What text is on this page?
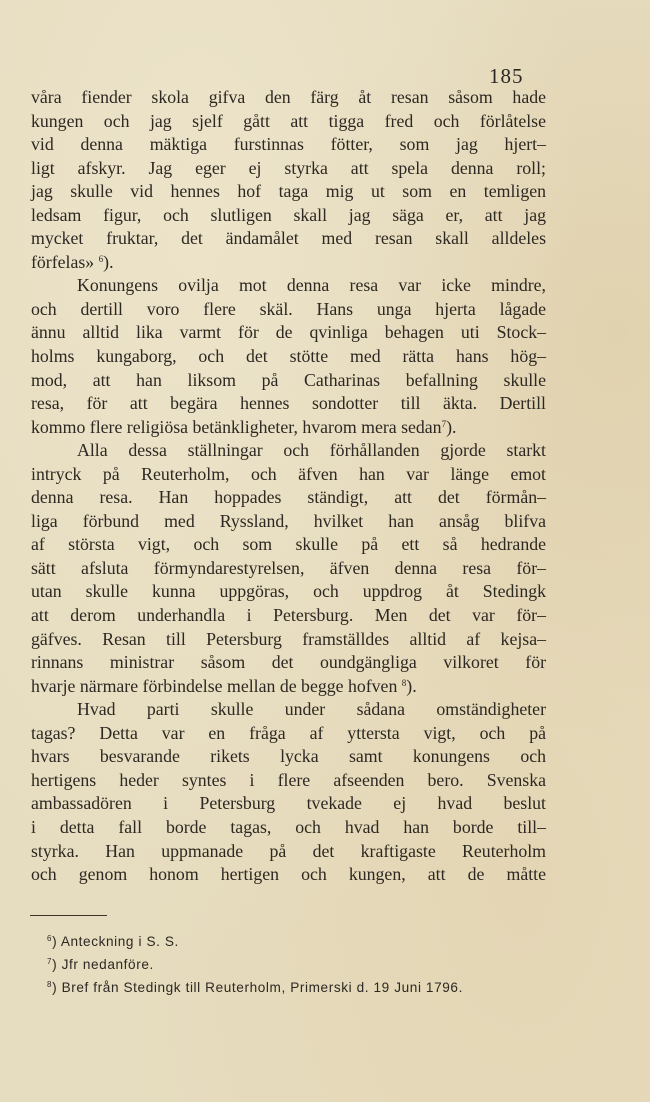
185
våra fiender skola gifva den färg åt resan såsom hade
kungen och jag sjelf gått att tigga fred och förlåtelse
vid denna mäktiga furstinnas fötter, som jag hjert–
ligt afskyr. Jag eger ej styrka att spela denna roll;
jag skulle vid hennes hof taga mig ut som en temligen
ledsam figur, och slutligen skall jag säga er, att jag
mycket fruktar, det ändamålet med resan skall alldeles
förfelas» $^6$).
Konungens ovilja mot denna resa var icke mindre,
och dertill voro flere skäl. Hans unga hjerta lågade
ännu alltid lika varmt för de qvinliga behagen uti Stock–
holms kungaborg, och det stötte med rätta hans hög–
mod, att han liksom på Catharinas befallning skulle
resa, för att begära hennes sondotter till äkta. Dertill
kommo flere religiösa betänkligheter, hvarom mera sedan$^7$).
Alla dessa ställningar och förhållanden gjorde starkt
intryck på Reuterholm, och äfven han var länge emot
denna resa. Han hoppades ständigt, att det förmån–
liga förbund med Ryssland, hvilket han ansåg blifva
af största vigt, och som skulle på ett så hedrande
sätt afsluta förmyndarestyrelsen, äfven denna resa för–
utan skulle kunna uppgöras, och uppdrog åt Stedingk
att derom underhandla i Petersburg. Men det var för–
gäfves. Resan till Petersburg framställdes alltid af kejsa–
rinnans ministrar såsom det oundgängliga vilkoret för
hvarje närmare förbindelse mellan de begge hofven $^8$).
Hvad parti skulle under sådana omständigheter
tagas? Detta var en fråga af yttersta vigt, och på
hvars besvarande rikets lycka samt konungens och
hertigens heder syntes i flere afseenden bero. Svenska
ambassadören i Petersburg tvekade ej hvad beslut
i detta fall borde tagas, och hvad han borde till–
styrka. Han uppmanade på det kraftigaste Reuterholm
och genom honom hertigen och kungen, att de måtte
$^6$) Anteckning i S. S.
$^7$) Jfr nedanföre.
$^8$) Bref från Stedingk till Reuterholm, Primerski d. 19 Juni 1796.
